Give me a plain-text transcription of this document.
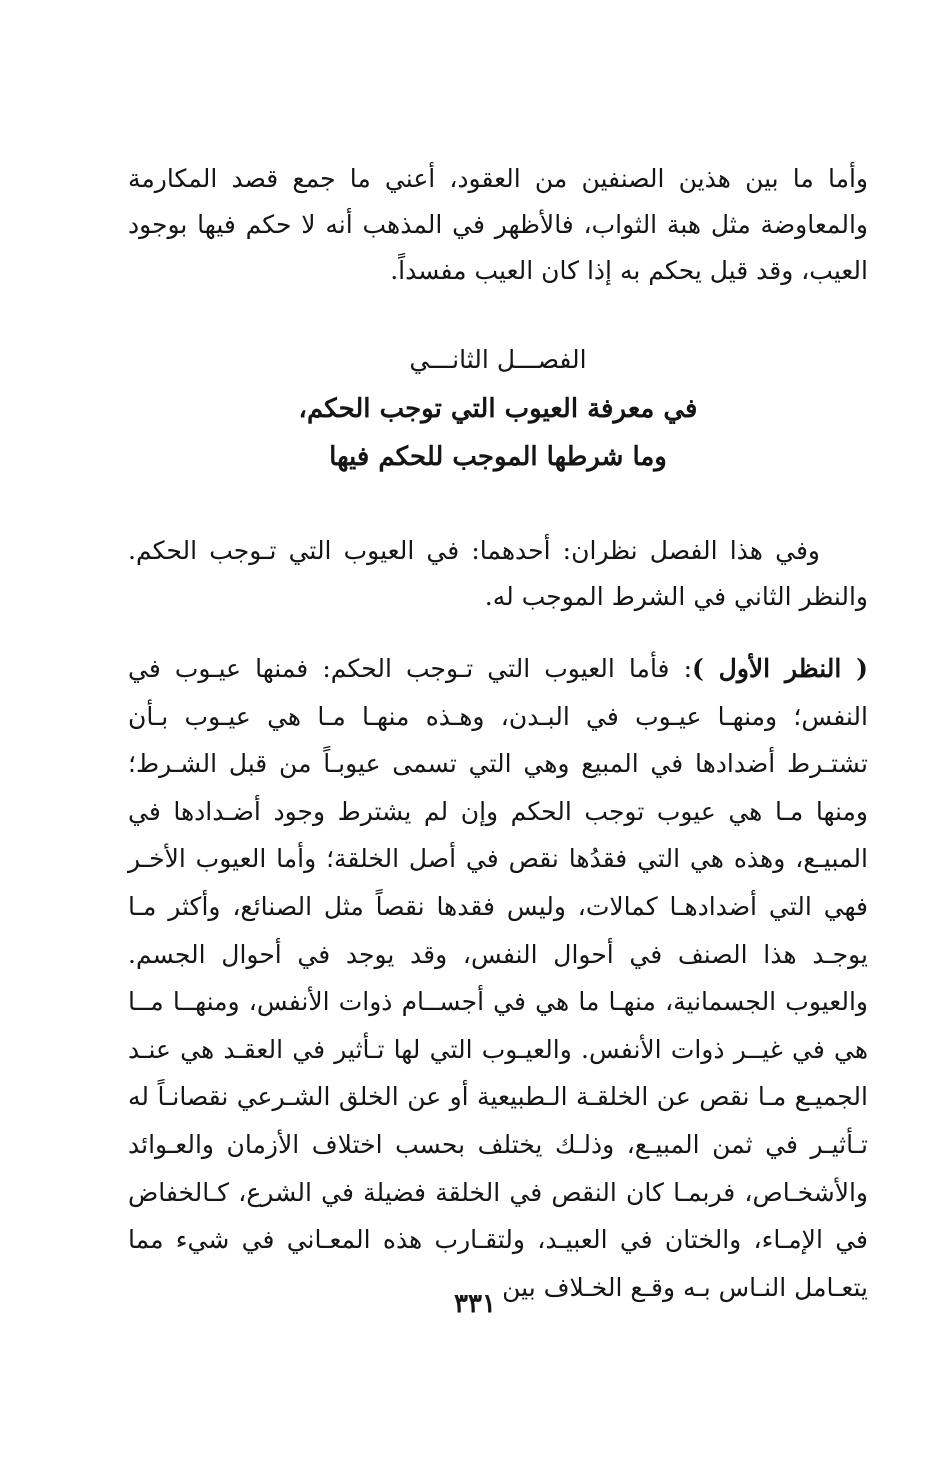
وأما ما بين هذين الصنفين من العقود، أعني ما جمع قصد المكارمة والمعاوضة مثل هبة الثواب، فالأظهر في المذهب أنه لا حكم فيها بوجود العيب، وقد قيل يحكم به إذا كان العيب مفسداً.

الفصـــل الثانـــي

في معرفة العيوب التي توجب الحكم،

وما شرطها الموجب للحكم فيها

وفي هذا الفصل نظران: أحدهما: في العيوب التي تـوجب الحكم. والنظر الثاني في الشرط الموجب له.

( النظر الأول ): فأما العيوب التي تـوجب الحكم: فمنها عيـوب في النفس؛ ومنهـا عيـوب في البـدن، وهـذه منهـا مـا هي عيـوب بـأن تشتـرط أضدادها في المبيع وهي التي تسمى عيوبـاً من قبل الشـرط؛ ومنها مـا هي عيوب توجب الحكم وإن لم يشترط وجود أضـدادها في المبيـع، وهذه هي التي فقدُها نقص في أصل الخلقة؛ وأما العيوب الأخـر فهي التي أضدادهـا كمالات، وليس فقدها نقصاً مثل الصنائع، وأكثر مـا يوجـد هذا الصنف في أحوال النفس، وقد يوجد في أحوال الجسم. والعيوب الجسمانية، منهـا ما هي في أجســام ذوات الأنفس، ومنهــا مــا هي في غيــر ذوات الأنفس. والعيـوب التي لها تـأثير في العقـد هي عنـد الجميـع مـا نقص عن الخلقـة الـطبيعية أو عن الخلق الشـرعي نقصانـاً له تـأثيـر في ثمن المبيـع، وذلـك يختلف بحسب اختلاف الأزمان والعـوائد والأشخـاص، فربمـا كان النقص في الخلقة فضيلة في الشرع، كـالخفاض في الإمـاء، والختان في العبيـد، ولتقـارب هذه المعـاني في شيء مما يتعـامل النـاس بـه وقـع الخـلاف بين

٣٣١
